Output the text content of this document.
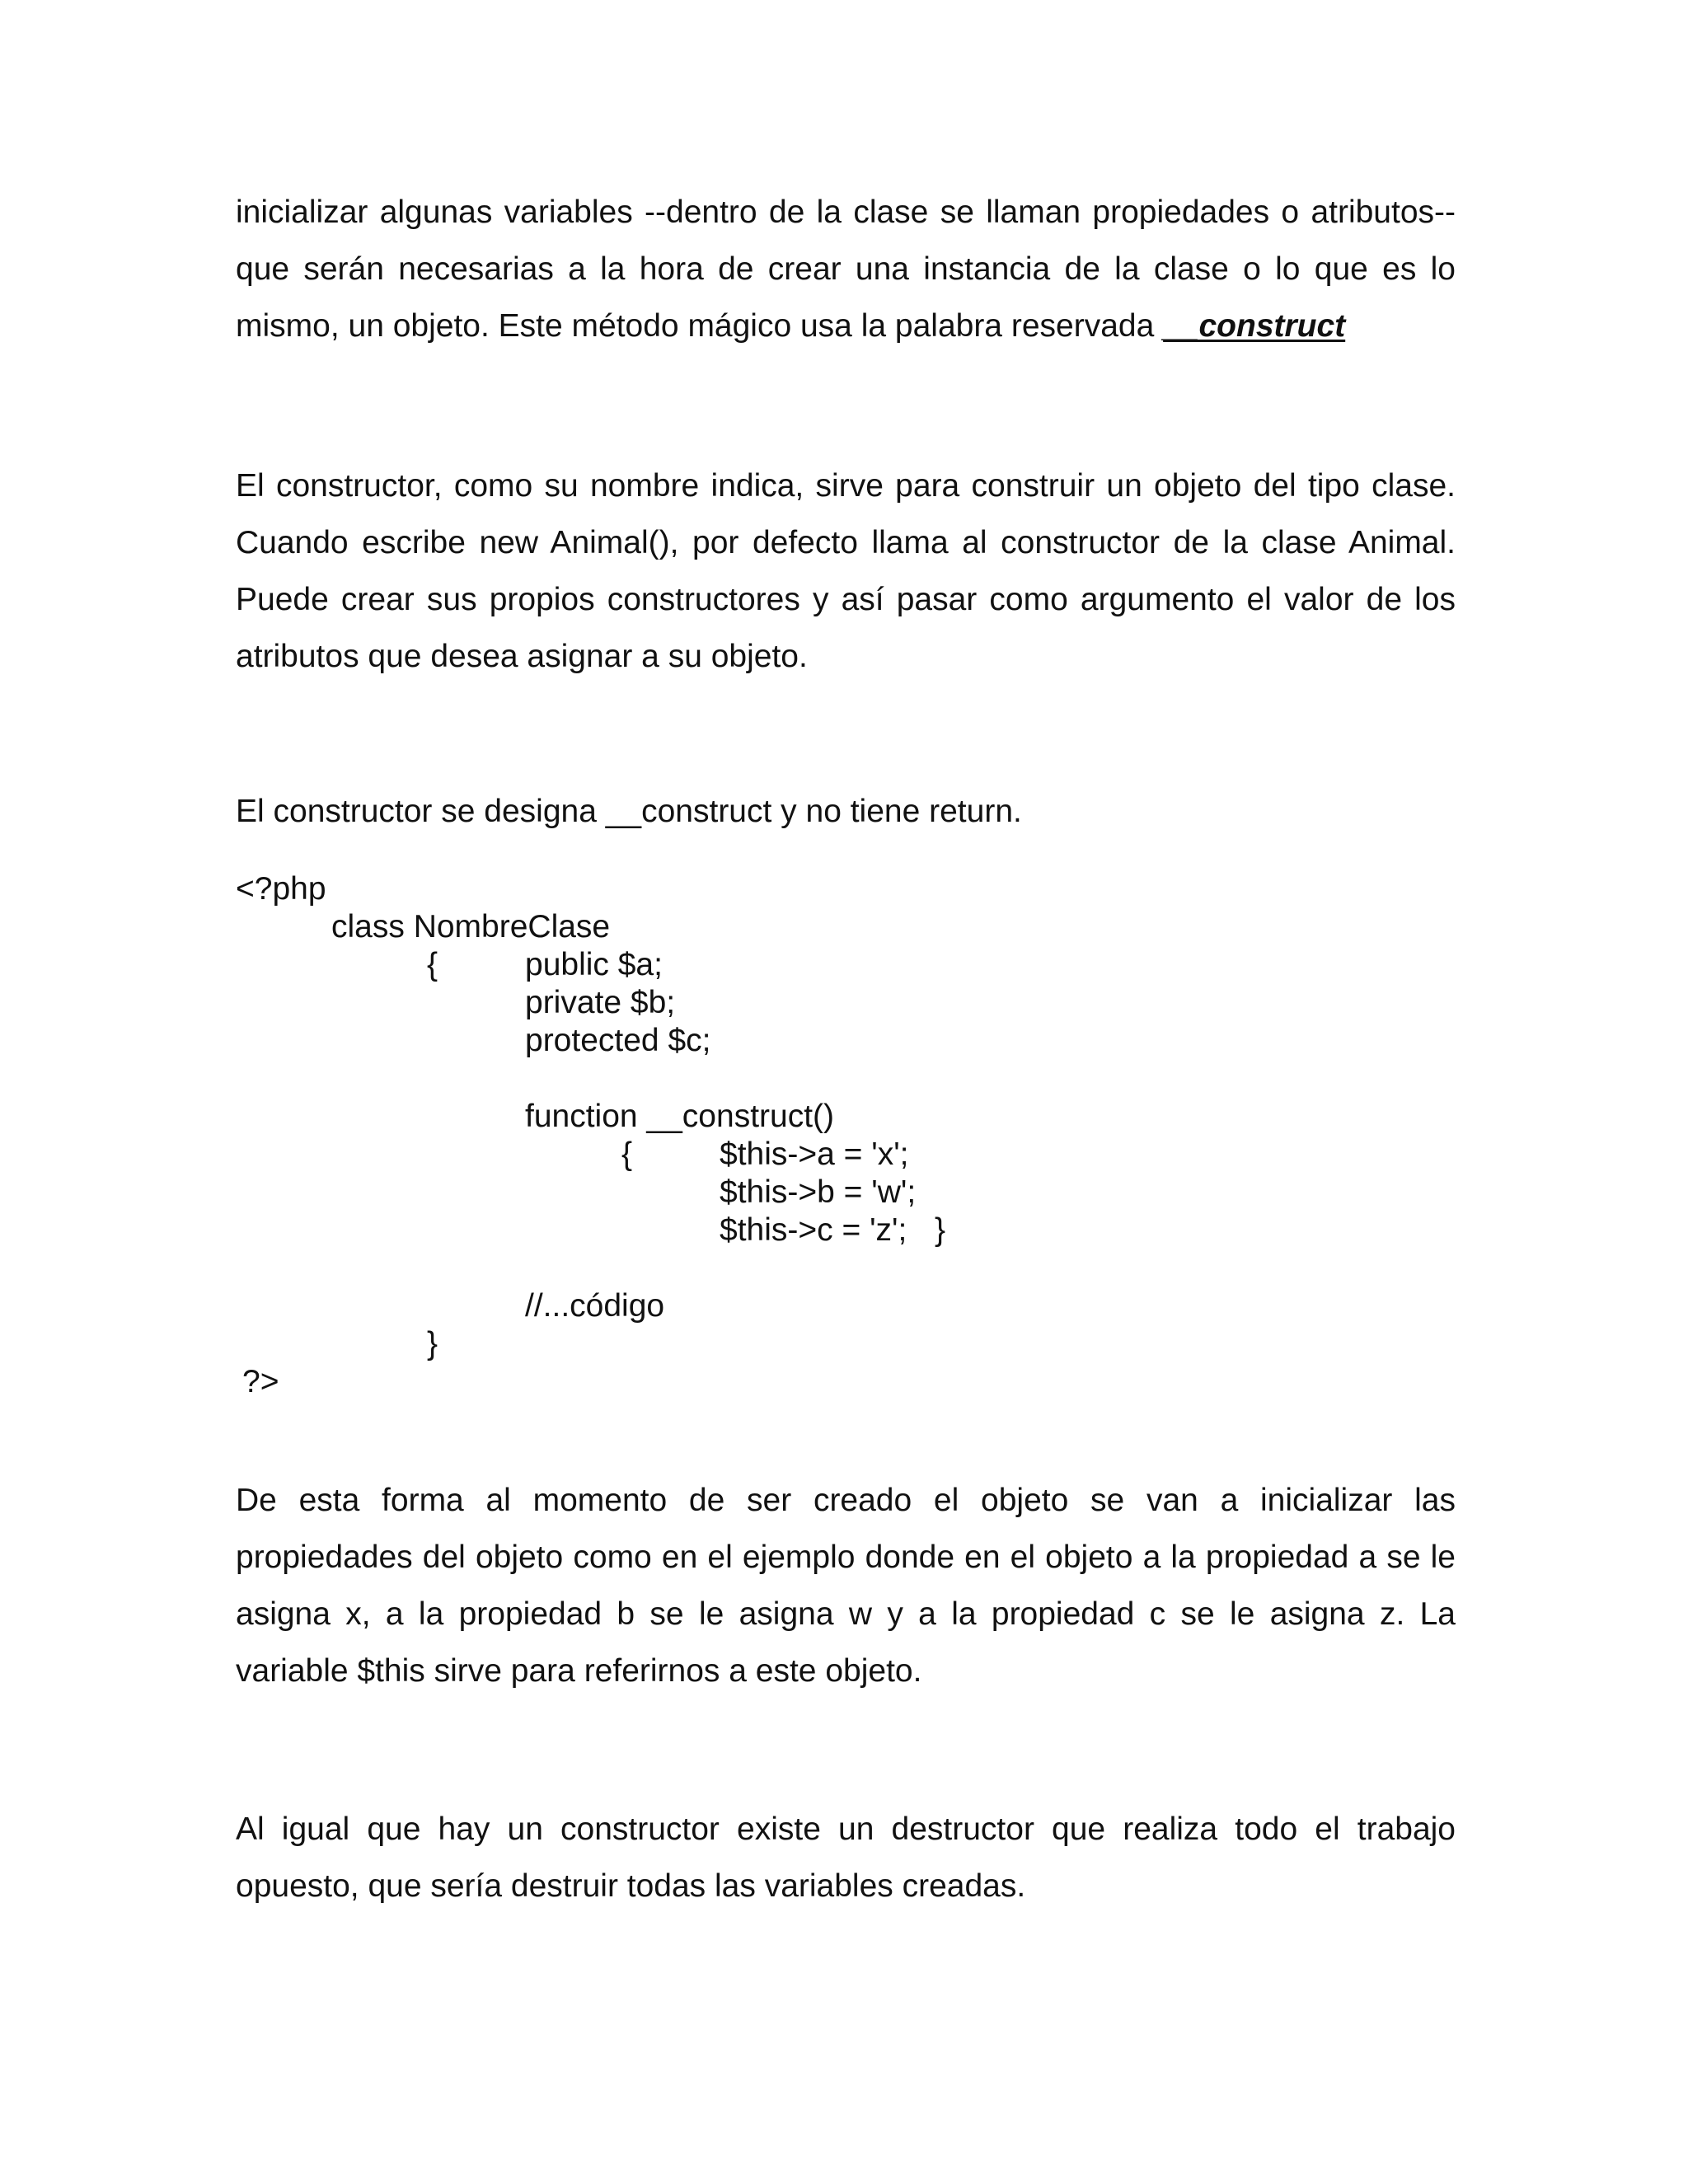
inicializar algunas variables --dentro de la clase se llaman propiedades o atributos-- que serán necesarias a la hora de crear una instancia de la clase o lo que es lo mismo, un objeto. Este método mágico usa la palabra reservada __construct

El constructor, como su nombre indica, sirve para construir un objeto del tipo clase. Cuando escribe new Animal(), por defecto llama al constructor de la clase Animal. Puede crear sus propios constructores y así pasar como argumento el valor de los atributos que desea asignar a su objeto.

El constructor se designa __construct y no tiene return.

<?php
class NombreClase
{	public $a;
private $b;
protected $c;
function __construct()
{	$this->a = 'x';
$this->b = 'w';
$this->c = 'z'; }
//...código
}
?>

De esta forma al momento de ser creado el objeto se van a inicializar las propiedades del objeto como en el ejemplo donde en el objeto a la propiedad a se le asigna x, a la propiedad b se le asigna w y a la propiedad c se le asigna z. La variable $this sirve para referirnos a este objeto.

Al igual que hay un constructor existe un destructor que realiza todo el trabajo opuesto, que sería destruir todas las variables creadas.
